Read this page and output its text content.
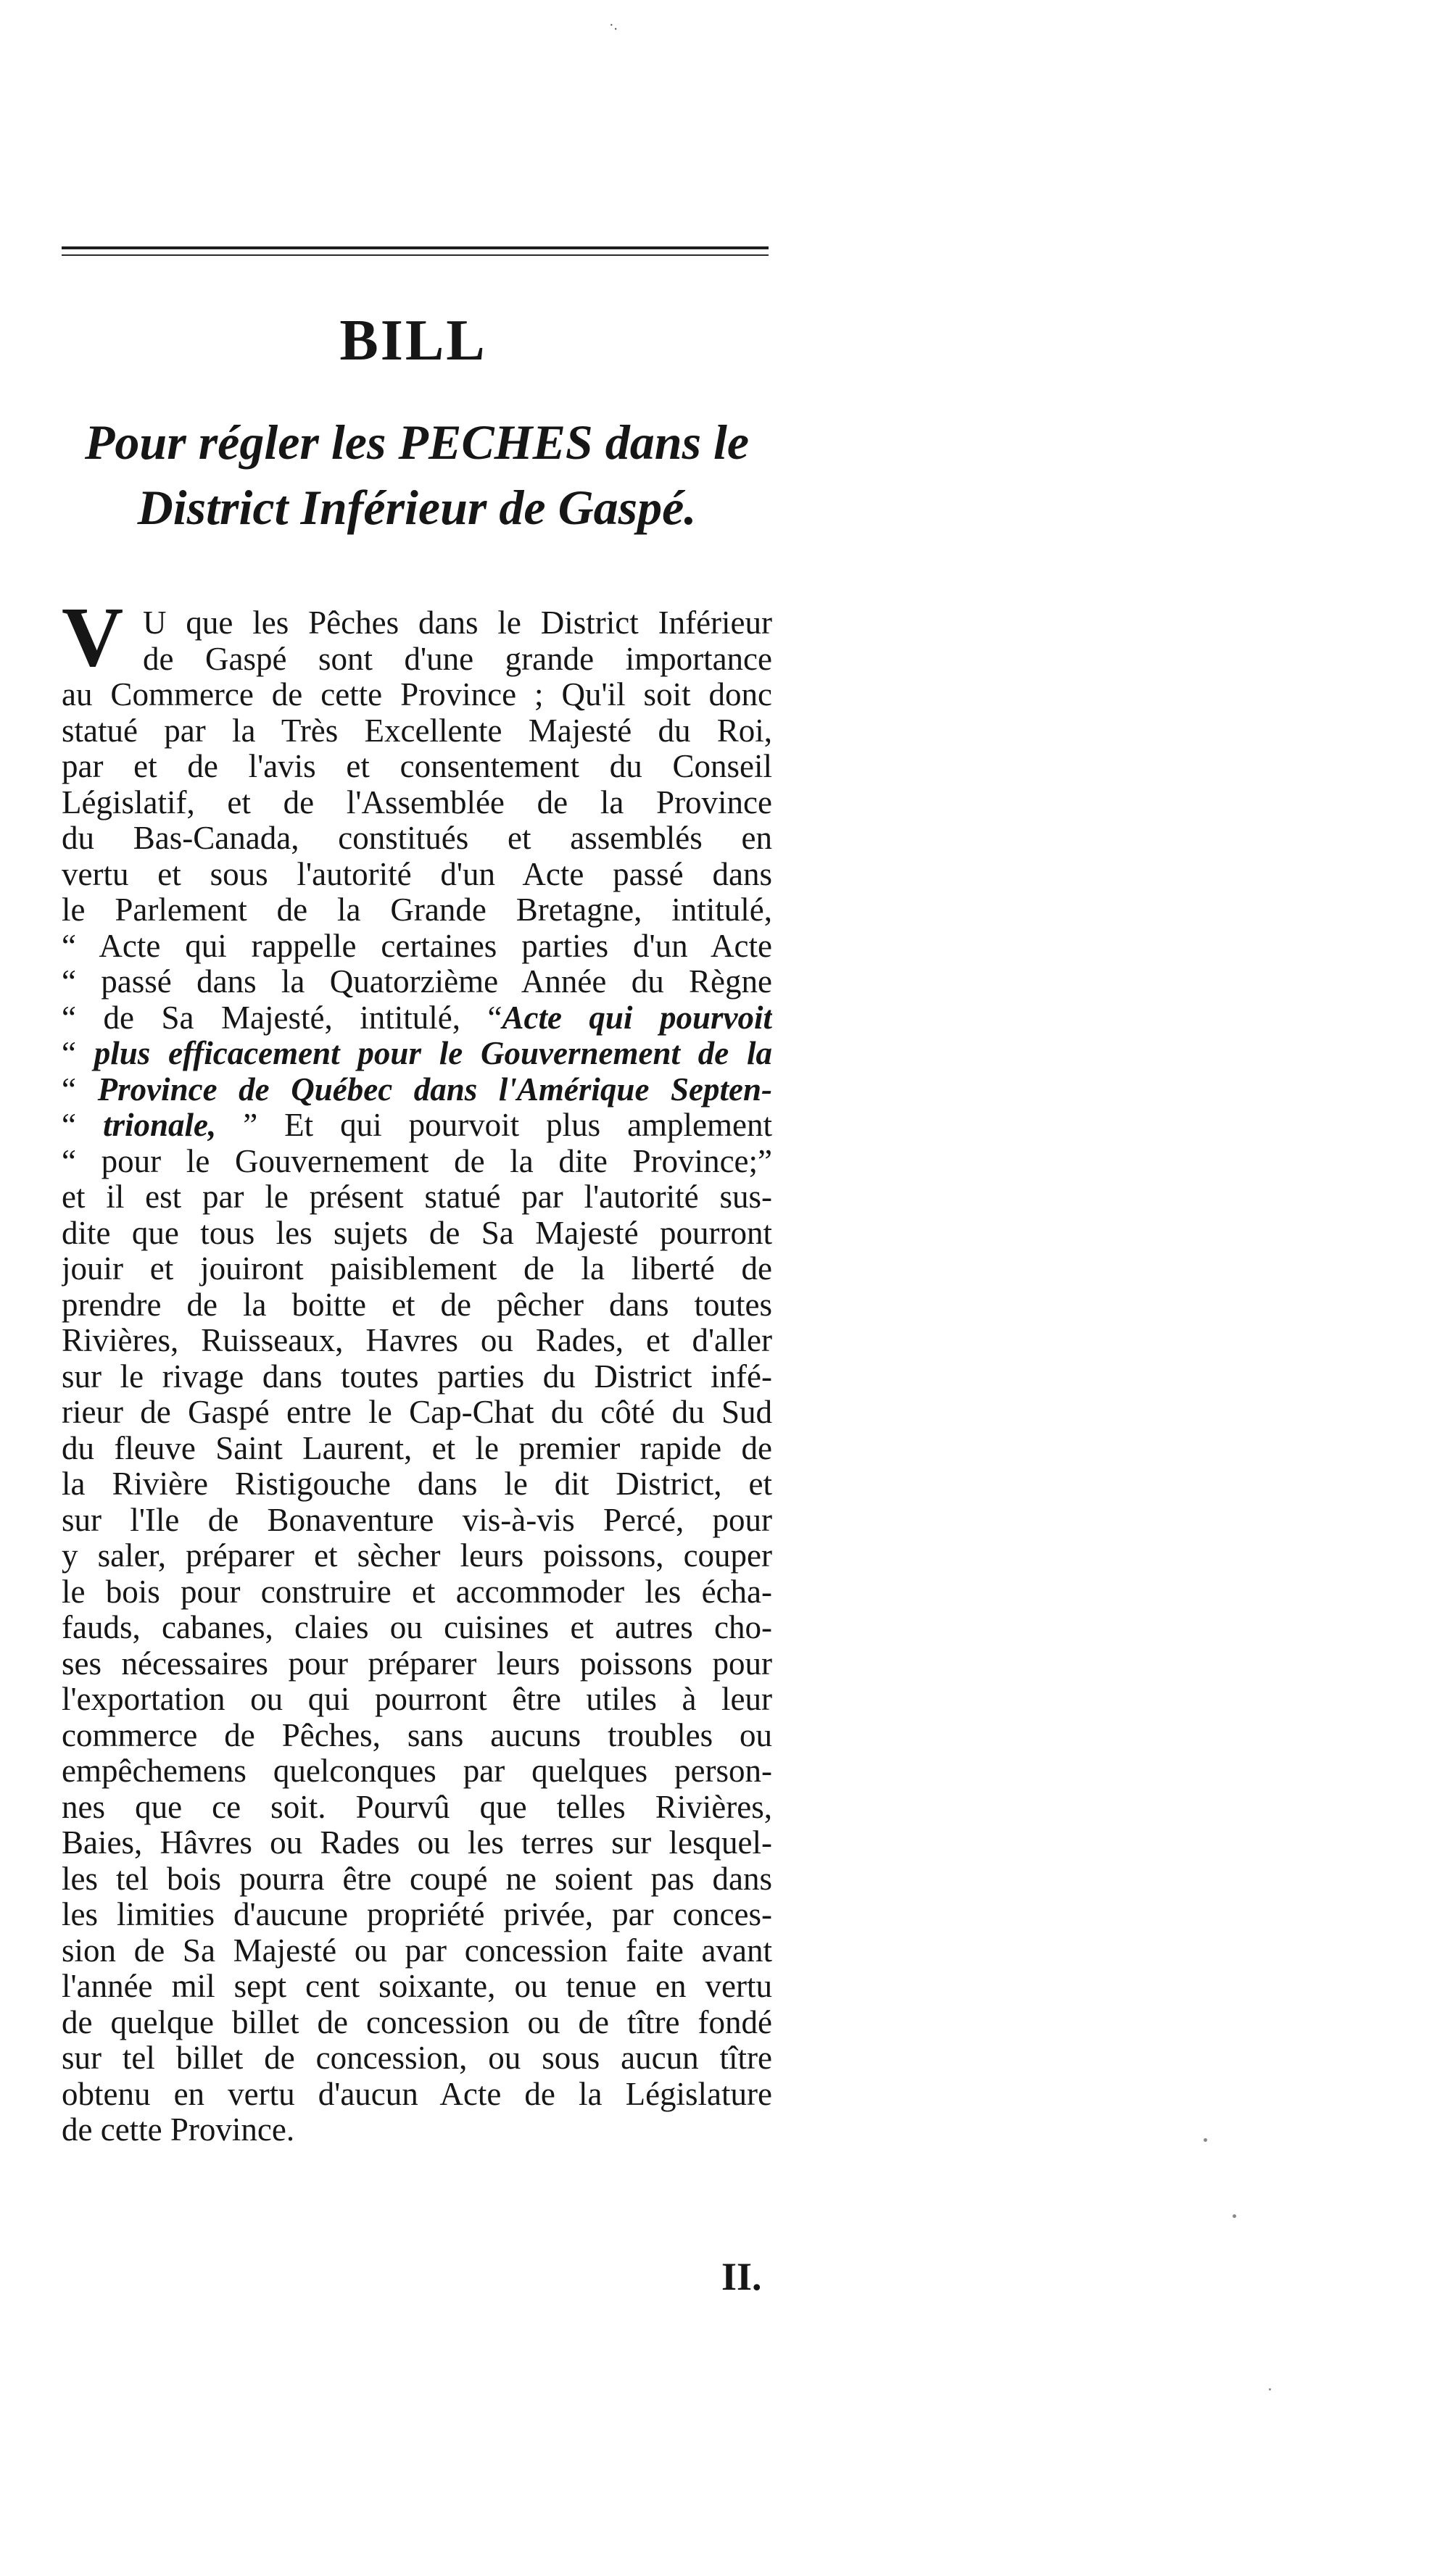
·.
BILL
Pour régler les PECHES dans le
District Inférieur de Gaspé.
V U que les Pêches dans le District Inférieur
de Gaspé sont d'une grande importance
au Commerce de cette Province ; Qu'il soit donc
statué par la Très Excellente Majesté du Roi,
par et de l'avis et consentement du Conseil
Législatif, et de l'Assemblée de la Province
du Bas-Canada, constitués et assemblés en
vertu et sous l'autorité d'un Acte passé dans
le Parlement de la Grande Bretagne, intitulé,
“ Acte qui rappelle certaines parties d'un Acte
“ passé dans la Quatorzième Année du Règne
“ de Sa Majesté, intitulé, “Acte qui pourvoit
“ plus efficacement pour le Gouvernement de la
“ Province de Québec dans l'Amérique Septen-
“ trionale, ” Et qui pourvoit plus amplement
“ pour le Gouvernement de la dite Province;”
et il est par le présent statué par l'autorité sus-
dite que tous les sujets de Sa Majesté pourront
jouir et jouiront paisiblement de la liberté de
prendre de la boitte et de pêcher dans toutes
Rivières, Ruisseaux, Havres ou Rades, et d'aller
sur le rivage dans toutes parties du District infé-
rieur de Gaspé entre le Cap-Chat du côté du Sud
du fleuve Saint Laurent, et le premier rapide de
la Rivière Ristigouche dans le dit District, et
sur l'Ile de Bonaventure vis-à-vis Percé, pour
y saler, préparer et sècher leurs poissons, couper
le bois pour construire et accommoder les écha-
fauds, cabanes, claies ou cuisines et autres cho-
ses nécessaires pour préparer leurs poissons pour
l'exportation ou qui pourront être utiles à leur
commerce de Pêches, sans aucuns troubles ou
empêchemens quelconques par quelques person-
nes que ce soit. Pourvû que telles Rivières,
Baies, Hâvres ou Rades ou les terres sur lesquel-
les tel bois pourra être coupé ne soient pas dans
les limities d'aucune propriété privée, par conces-
sion de Sa Majesté ou par concession faite avant
l'année mil sept cent soixante, ou tenue en vertu
de quelque billet de concession ou de tître fondé
sur tel billet de concession, ou sous aucun tître
obtenu en vertu d'aucun Acte de la Législature
de cette Province.
II.
